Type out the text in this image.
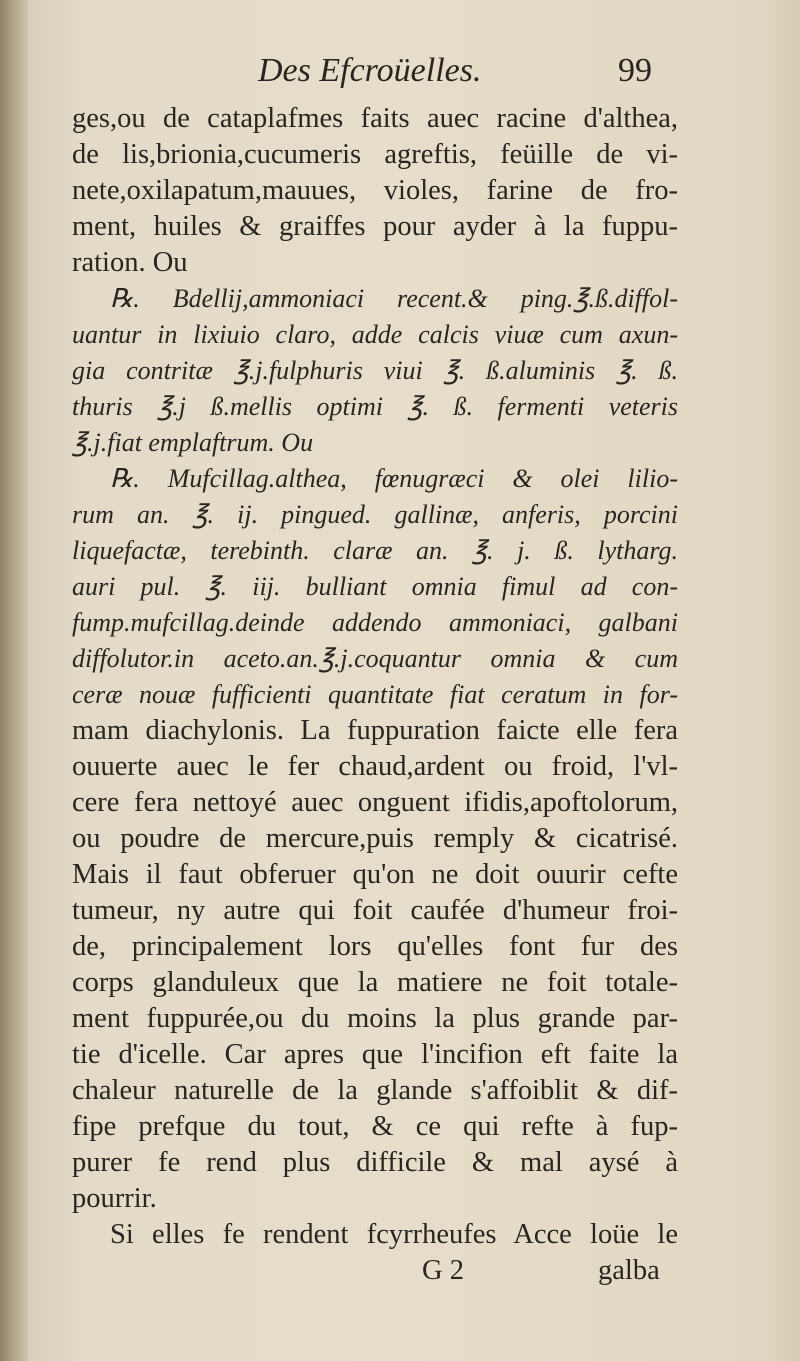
Des Efcroüelles.	99
ges,ou de cataplafmes faits auec racine d'althea,
de lis,brionia,cucumeris agreftis, feüille de vi-
nete,oxilapatum,mauues, violes, farine de fro-
ment, huiles & graiffes pour ayder à la fuppu-
ration. Ou
℞. Bdellij,ammoniaci recent.& ping.℥.ß.diffol-
uantur in lixiuio claro, adde calcis viuæ cum axun-
gia contritæ ℥.j.fulphuris viui ℥. ß.aluminis ℥. ß.
thuris ℥.j ß.mellis optimi ℥. ß. fermenti veteris
℥.j.fiat emplaftrum. Ou
℞. Mufcillag.althea, fœnugræci & olei lilio-
rum an. ℥. ij. pingued. gallinæ, anferis, porcini
liquefactæ, terebinth. claræ an. ℥. j. ß. lytharg.
auri pul. ℥. iij. bulliant omnia fimul ad con-
fump.mufcillag.deinde addendo ammoniaci, galbani
diffolutor.in aceto.an.℥.j.coquantur omnia & cum
ceræ nouæ fufficienti quantitate fiat ceratum in for-
mam diachylonis. La fuppuration faicte elle fera
ouuerte auec le fer chaud,ardent ou froid, l'vl-
cere fera nettoyé auec onguent ifidis,apoftolorum,
ou poudre de mercure,puis remply & cicatrisé.
Mais il faut obferuer qu'on ne doit ouurir cefte
tumeur, ny autre qui foit caufée d'humeur froi-
de, principalement lors qu'elles font fur des
corps glanduleux que la matiere ne foit totale-
ment fuppurée,ou du moins la plus grande par-
tie d'icelle. Car apres que l'incifion eft faite la
chaleur naturelle de la glande s'affoiblit & dif-
fipe prefque du tout, & ce qui refte à fup-
purer fe rend plus difficile & mal aysé à
pourrir.
Si elles fe rendent fcyrrheufes Acce loüe le
G 2	galba
